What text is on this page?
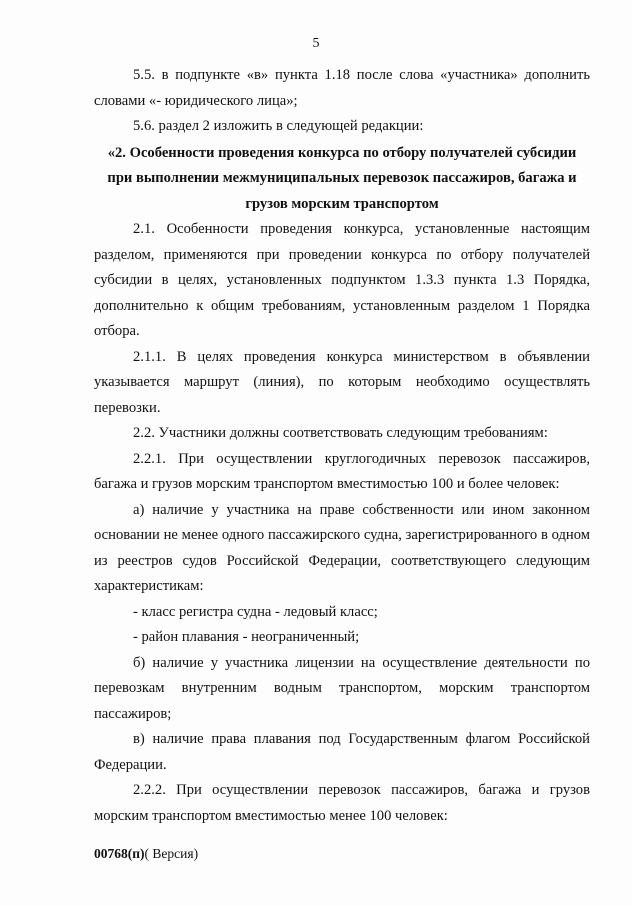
5

5.5. в подпункте «в» пункта 1.18 после слова «участника» дополнить словами «- юридического лица»;

5.6. раздел 2 изложить в следующей редакции:

«2. Особенности проведения конкурса по отбору получателей субсидии при выполнении межмуниципальных перевозок пассажиров, багажа и грузов морским транспортом

2.1. Особенности проведения конкурса, установленные настоящим разделом, применяются при проведении конкурса по отбору получателей субсидии в целях, установленных подпунктом 1.3.3 пункта 1.3 Порядка, дополнительно к общим требованиям, установленным разделом 1 Порядка отбора.

2.1.1. В целях проведения конкурса министерством в объявлении указывается маршрут (линия), по которым необходимо осуществлять перевозки.

2.2. Участники должны соответствовать следующим требованиям:

2.2.1. При осуществлении круглогодичных перевозок пассажиров, багажа и грузов морским транспортом вместимостью 100 и более человек:

а) наличие у участника на праве собственности или ином законном основании не менее одного пассажирского судна, зарегистрированного в одном из реестров судов Российской Федерации, соответствующего следующим характеристикам:

- класс регистра судна - ледовый класс;

- район плавания - неограниченный;

б) наличие у участника лицензии на осуществление деятельности по перевозкам внутренним водным транспортом, морским транспортом пассажиров;

в) наличие права плавания под Государственным флагом Российской Федерации.

2.2.2. При осуществлении перевозок пассажиров, багажа и грузов морским транспортом вместимостью менее 100 человек:

00768(п)( Версия)
